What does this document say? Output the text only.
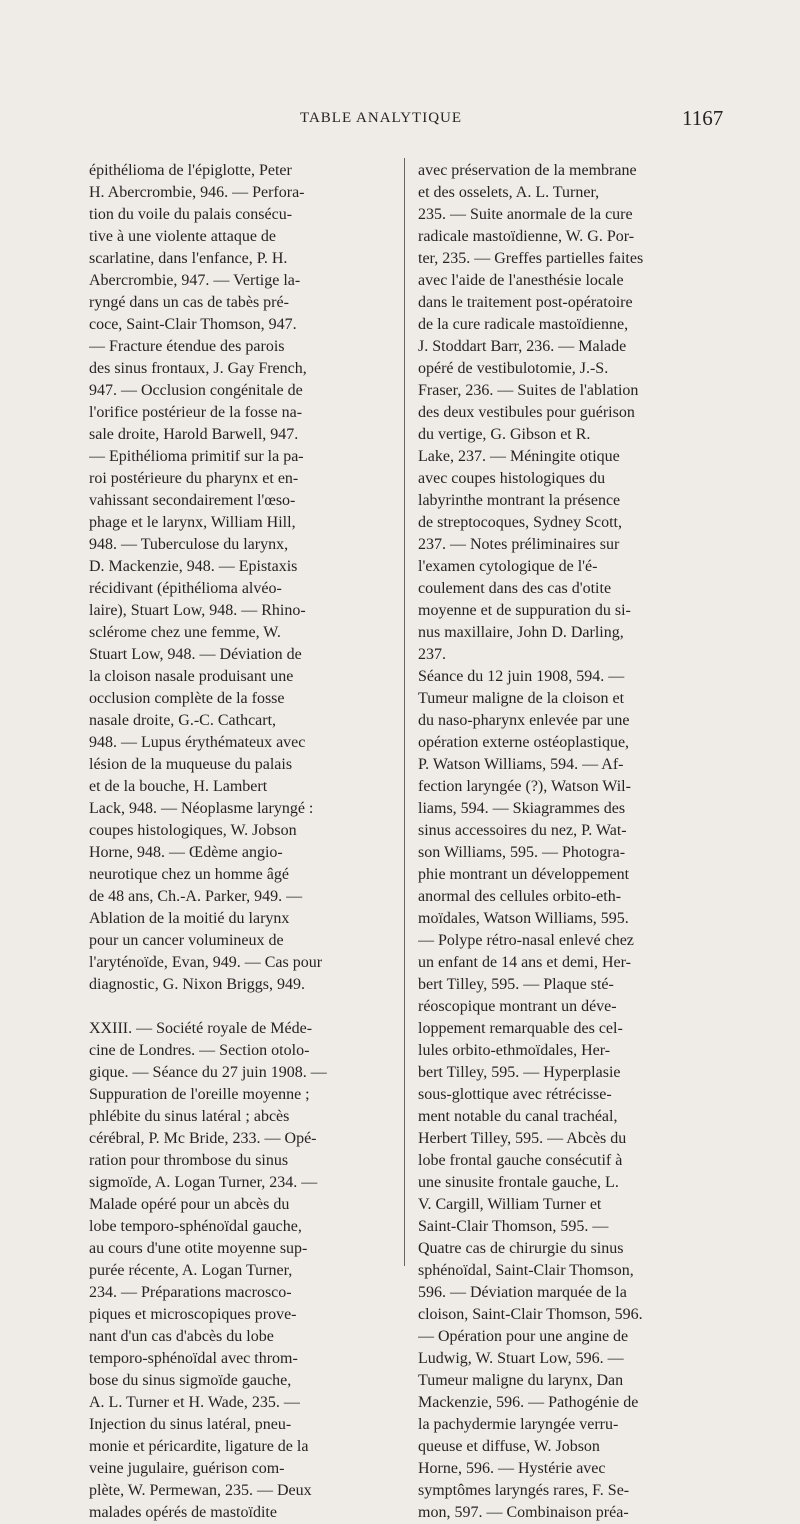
TABLE ANALYTIQUE	1167
épithélioma de l'épiglotte, Peter
H. Abercrombie, 946. — Perfora-
tion du voile du palais consécu-
tive à une violente attaque de
scarlatine, dans l'enfance, P. H.
Abercrombie, 947. — Vertige la-
ryngé dans un cas de tabès pré-
coce, Saint-Clair Thomson, 947.
— Fracture étendue des parois
des sinus frontaux, J. Gay French,
947. — Occlusion congénitale de
l'orifice postérieur de la fosse na-
sale droite, Harold Barwell, 947.
— Epithélioma primitif sur la pa-
roi postérieure du pharynx et en-
vahissant secondairement l'œso-
phage et le larynx, William Hill,
948. — Tuberculose du larynx,
D. Mackenzie, 948. — Epistaxis
récidivant (épithélioma alvéo-
laire), Stuart Low, 948. — Rhino-
sclérome chez une femme, W.
Stuart Low, 948. — Déviation de
la cloison nasale produisant une
occlusion complète de la fosse
nasale droite, G.-C. Cathcart,
948. — Lupus érythémateux avec
lésion de la muqueuse du palais
et de la bouche, H. Lambert
Lack, 948. — Néoplasme laryngé :
coupes histologiques, W. Jobson
Horne, 948. — Œdème angio-
neurotique chez un homme âgé
de 48 ans, Ch.-A. Parker, 949. —
Ablation de la moitié du larynx
pour un cancer volumineux de
l'aryténoïde, Evan, 949. — Cas pour
diagnostic, G. Nixon Briggs, 949.
XXIII. — Société royale de Méde-
cine de Londres. — Section otolo-
gique. — Séance du 27 juin 1908. —
Suppuration de l'oreille moyenne ;
phlébite du sinus latéral ; abcès
cérébral, P. Mc Bride, 233. — Opé-
ration pour thrombose du sinus
sigmoïde, A. Logan Turner, 234. —
Malade opéré pour un abcès du
lobe temporo-sphénoïdal gauche,
au cours d'une otite moyenne sup-
purée récente, A. Logan Turner,
234. — Préparations macrosco-
piques et microscopiques prove-
nant d'un cas d'abcès du lobe
temporo-sphénoïdal avec throm-
bose du sinus sigmoïde gauche,
A. L. Turner et H. Wade, 235. —
Injection du sinus latéral, pneu-
monie et péricardite, ligature de la
veine jugulaire, guérison com-
plète, W. Permewan, 235. — Deux
malades opérés de mastoïdite
avec préservation de la membrane
et des osselets, A. L. Turner,
235. — Suite anormale de la cure
radicale mastoïdienne, W. G. Por-
ter, 235. — Greffes partielles faites
avec l'aide de l'anesthésie locale
dans le traitement post-opératoire
de la cure radicale mastoïdienne,
J. Stoddart Barr, 236. — Malade
opéré de vestibulotomie, J.-S.
Fraser, 236. — Suites de l'ablation
des deux vestibules pour guérison
du vertige, G. Gibson et R.
Lake, 237. — Méningite otique
avec coupes histologiques du
labyrinthe montrant la présence
de streptocoques, Sydney Scott,
237. — Notes préliminaires sur
l'examen cytologique de l'é-
coulement dans des cas d'otite
moyenne et de suppuration du si-
nus maxillaire, John D. Darling,
237.
Séance du 12 juin 1908, 594. —
Tumeur maligne de la cloison et
du naso-pharynx enlevée par une
opération externe ostéoplastique,
P. Watson Williams, 594. — Af-
fection laryngée (?), Watson Wil-
liams, 594. — Skiagrammes des
sinus accessoires du nez, P. Wat-
son Williams, 595. — Photogra-
phie montrant un développement
anormal des cellules orbito-eth-
moïdales, Watson Williams, 595.
— Polype rétro-nasal enlevé chez
un enfant de 14 ans et demi, Her-
bert Tilley, 595. — Plaque sté-
réoscopique montrant un déve-
loppement remarquable des cel-
lules orbito-ethmoïdales, Her-
bert Tilley, 595. — Hyperplasie
sous-glottique avec rétrécisse-
ment notable du canal trachéal,
Herbert Tilley, 595. — Abcès du
lobe frontal gauche consécutif à
une sinusite frontale gauche, L.
V. Cargill, William Turner et
Saint-Clair Thomson, 595. —
Quatre cas de chirurgie du sinus
sphénoïdal, Saint-Clair Thomson,
596. — Déviation marquée de la
cloison, Saint-Clair Thomson, 596.
— Opération pour une angine de
Ludwig, W. Stuart Low, 596. —
Tumeur maligne du larynx, Dan
Mackenzie, 596. — Pathogénie de
la pachydermie laryngée verru-
queuse et diffuse, W. Jobson
Horne, 596. — Hystérie avec
symptômes laryngés rares, F. Se-
mon, 597. — Combinaison préa-
